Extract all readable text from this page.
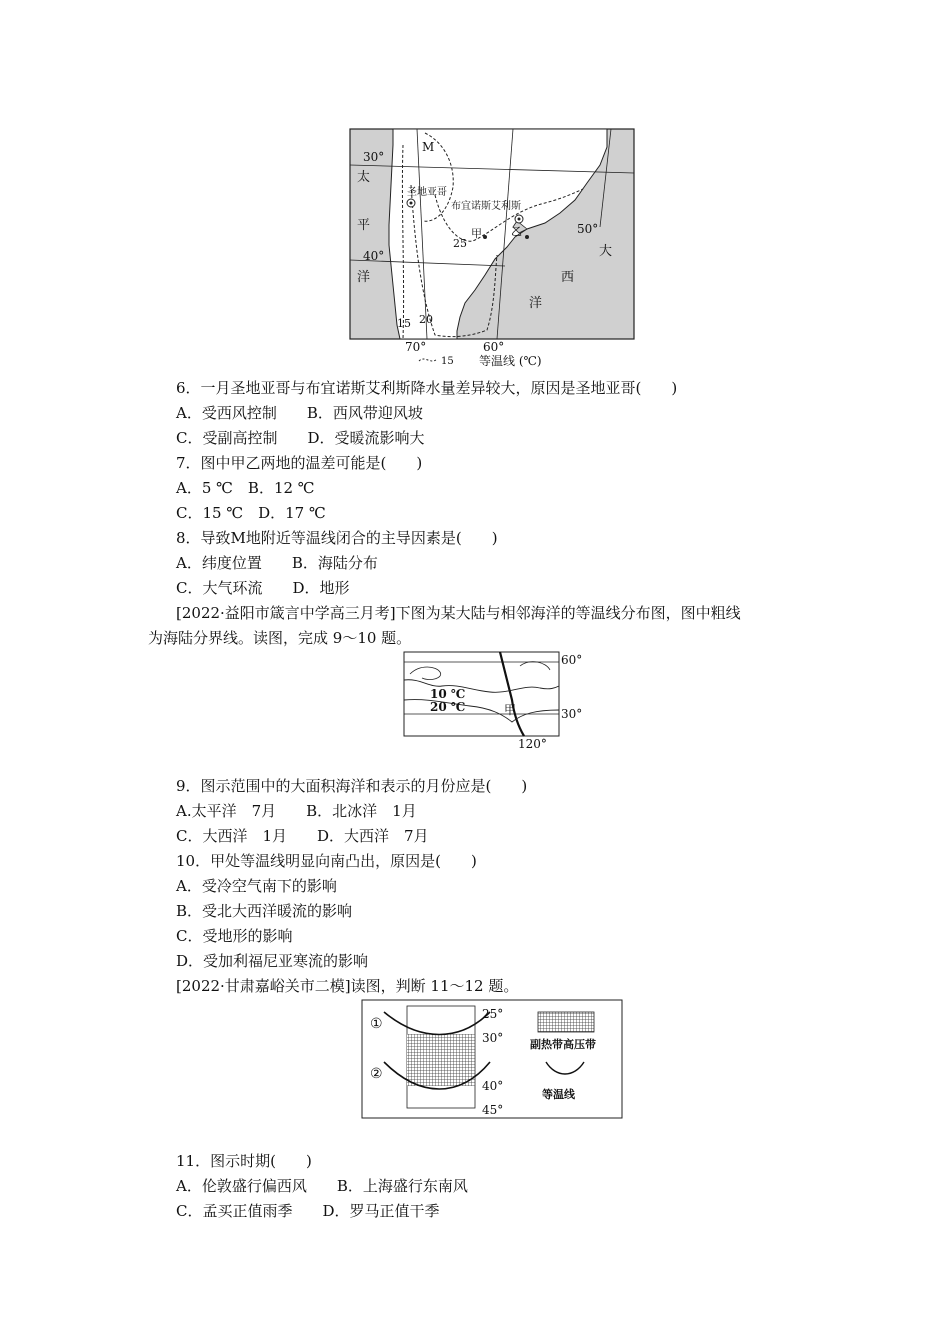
30°
40°
50°
太
平
洋
大
西
洋
M
圣地亚哥
布宜诺斯艾利斯
甲	乙
25
20
15
70°	60°
15 等温线 (℃)
6．一月圣地亚哥与布宜诺斯艾利斯降水量差异较大，原因是圣地亚哥(　　)
A．受西风控制　　B．西风带迎风坡
C．受副高控制　　D．受暖流影响大
7．图中甲乙两地的温差可能是(　　)
A．5 ℃　B．12 ℃
C．15 ℃　D．17 ℃
8．导致M地附近等温线闭合的主导因素是(　　)
A．纬度位置　　B．海陆分布
C．大气环流　　D．地形
[2022·益阳市箴言中学高三月考]下图为某大陆与相邻海洋的等温线分布图，图中粗线
为海陆分界线。读图，完成 9～10 题。
10 ℃
20 ℃	甲
60°
30°
120°
9．图示范围中的大面积海洋和表示的月份应是(　　)
A.太平洋　7月　　B．北冰洋　1月
C．大西洋　1月　　D．大西洋　7月
10．甲处等温线明显向南凸出，原因是(　　)
A．受冷空气南下的影响
B．受北大西洋暖流的影响
C．受地形的影响
D．受加利福尼亚寒流的影响
[2022·甘肃嘉峪关市二模]读图，判断 11～12 题。
①
②
25°
30°
40°
45°
副热带高压带
等温线
11．图示时期(　　)
A．伦敦盛行偏西风　　B．上海盛行东南风
C．孟买正值雨季　　D．罗马正值干季
